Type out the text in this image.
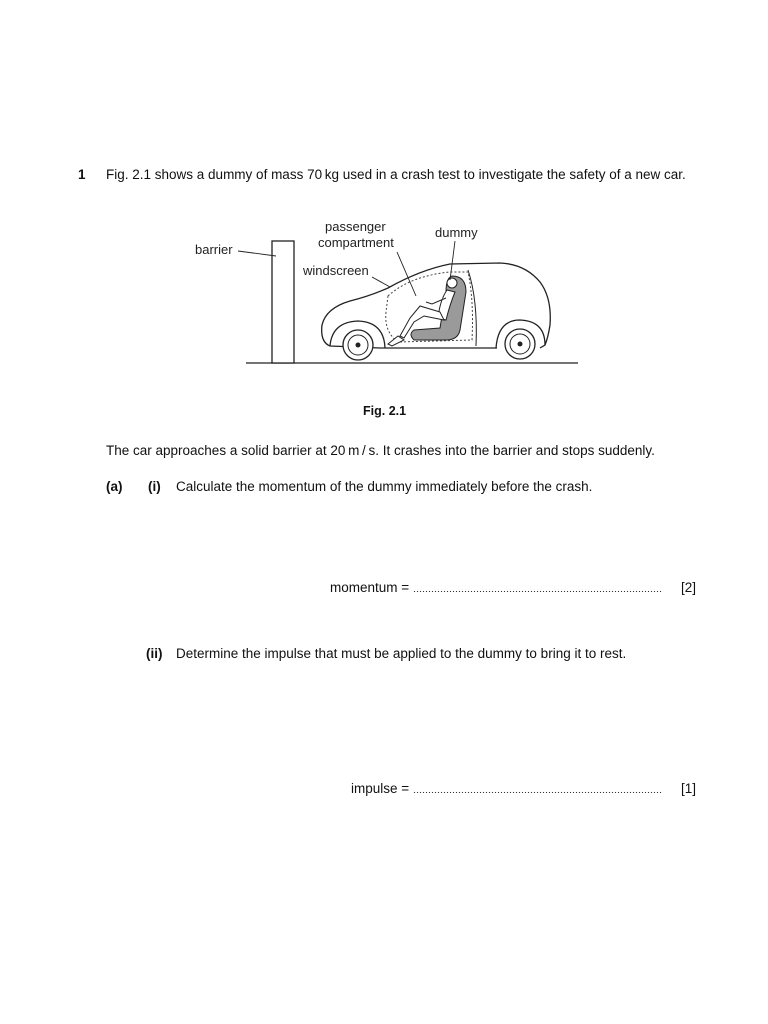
1 Fig. 2.1 shows a dummy of mass 70 kg used in a crash test to investigate the safety of a new car.
barrier
passenger
compartment
dummy
windscreen
Fig. 2.1
The car approaches a solid barrier at 20 m / s. It crashes into the barrier and stops suddenly.
(a) (i) Calculate the momentum of the dummy immediately before the crash.
momentum =	[2]
(ii) Determine the impulse that must be applied to the dummy to bring it to rest.
impulse =	[1]
